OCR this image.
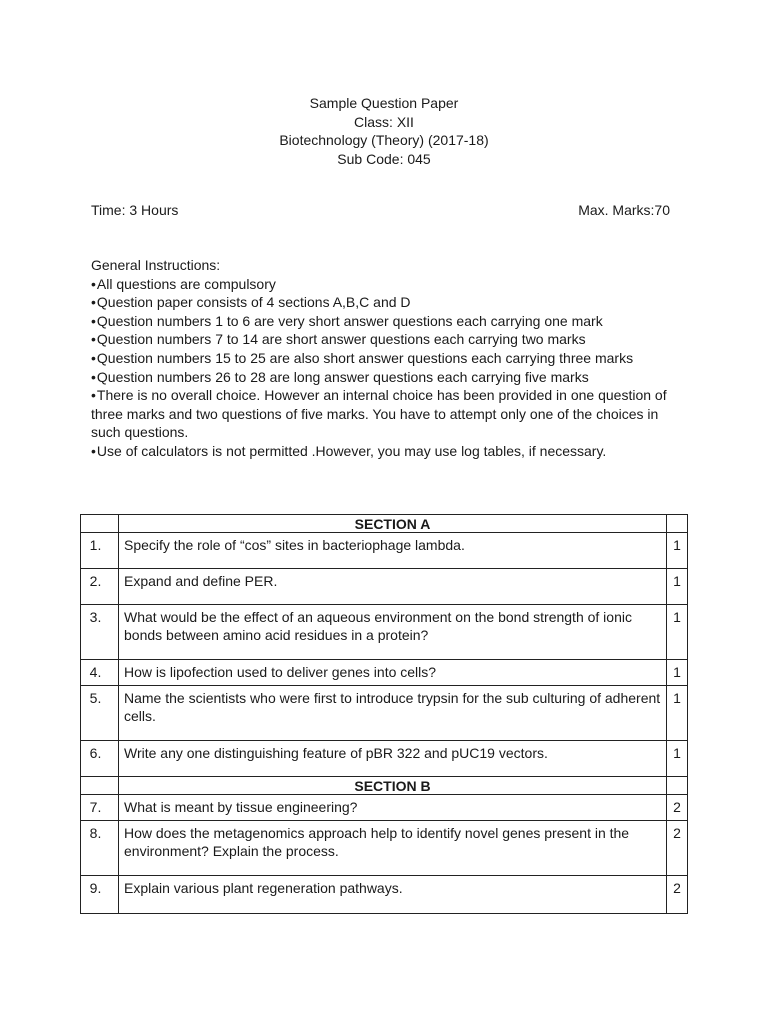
Sample Question Paper
Class: XII
Biotechnology (Theory) (2017-18)
Sub Code: 045
Time: 3 Hours	Max. Marks:70
General Instructions:
• All questions are compulsory
• Question paper consists of 4 sections A,B,C and D
• Question numbers 1 to 6 are very short answer questions each carrying one mark
• Question numbers 7 to 14 are short answer questions each carrying two marks
• Question numbers 15 to 25 are also short answer questions each carrying three marks
• Question numbers 26 to 28 are long answer questions each carrying five marks
• There is no overall choice. However an internal choice has been provided in one question of three marks and two questions of five marks. You have to attempt only one of the choices in such questions.
• Use of calculators is not permitted .However, you may use log tables, if necessary.
	SECTION A	
1.	Specify the role of “cos” sites in bacteriophage lambda.	1
2.	Expand and define PER.	1
3.	What would be the effect of an aqueous environment on the bond strength of ionic bonds between amino acid residues in a protein?	1
4.	How is lipofection used to deliver genes into cells?	1
5.	Name the scientists who were first to introduce trypsin for the sub culturing of adherent cells.	1
6.	Write any one distinguishing feature of pBR 322 and pUC19 vectors.	1
	SECTION B	
7.	What is meant by tissue engineering?	2
8.	How does the metagenomics approach help to identify novel genes present in the environment? Explain the process.	2
9.	Explain various plant regeneration pathways.	2
